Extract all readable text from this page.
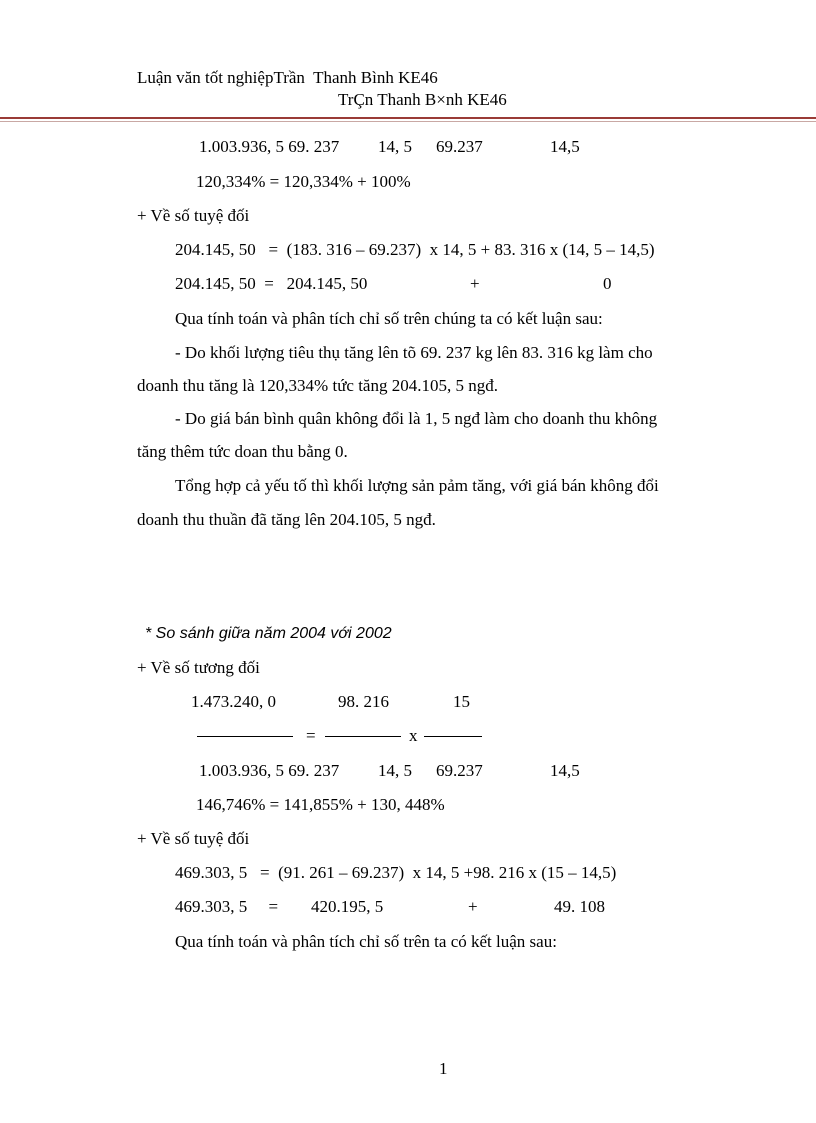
Luận văn tốt nghiệpTrần  Thanh Bình KE46
TrÇn Thanh B×nh KE46
1.003.936, 5 69. 237 14, 5 69.237	14,5
120,334% = 120,334% + 100%
+ Về số tuyệ đối
204.145, 50   =  (183. 316 – 69.237)  x 14, 5 + 83. 316 x (14, 5 – 14,5)
204.145, 50  =   204.145, 50	+	0
Qua tính toán và phân tích chỉ số trên chúng ta có kết luận sau:
- Do khối lượng tiêu thụ tăng lên tõ 69. 237 kg lên 83. 316 kg làm cho
doanh thu tăng là 120,334% tức tăng 204.105, 5 ngđ.
- Do giá bán bình quân không đổi là 1, 5 ngđ làm cho doanh thu không
tăng thêm tức doan thu bằng 0.
Tổng hợp cả yếu tố thì khối lượng sản pảm tăng, với giá bán không đổi
doanh thu thuần đã tăng lên 204.105, 5 ngđ.
* So sánh giữa năm 2004 với 2002
+ Về số tương đối
1.473.240, 0	98. 216	15
=	x
1.003.936, 5 69. 237 14, 5 69.237	14,5
146,746% = 141,855% + 130, 448%
+ Về số tuyệ đối
469.303, 5   =  (91. 261 – 69.237)  x 14, 5 +98. 216 x (15 – 14,5)
469.303, 5     = 420.195, 5	+	49. 108
Qua tính toán và phân tích chỉ số trên ta có kết luận sau:
1
